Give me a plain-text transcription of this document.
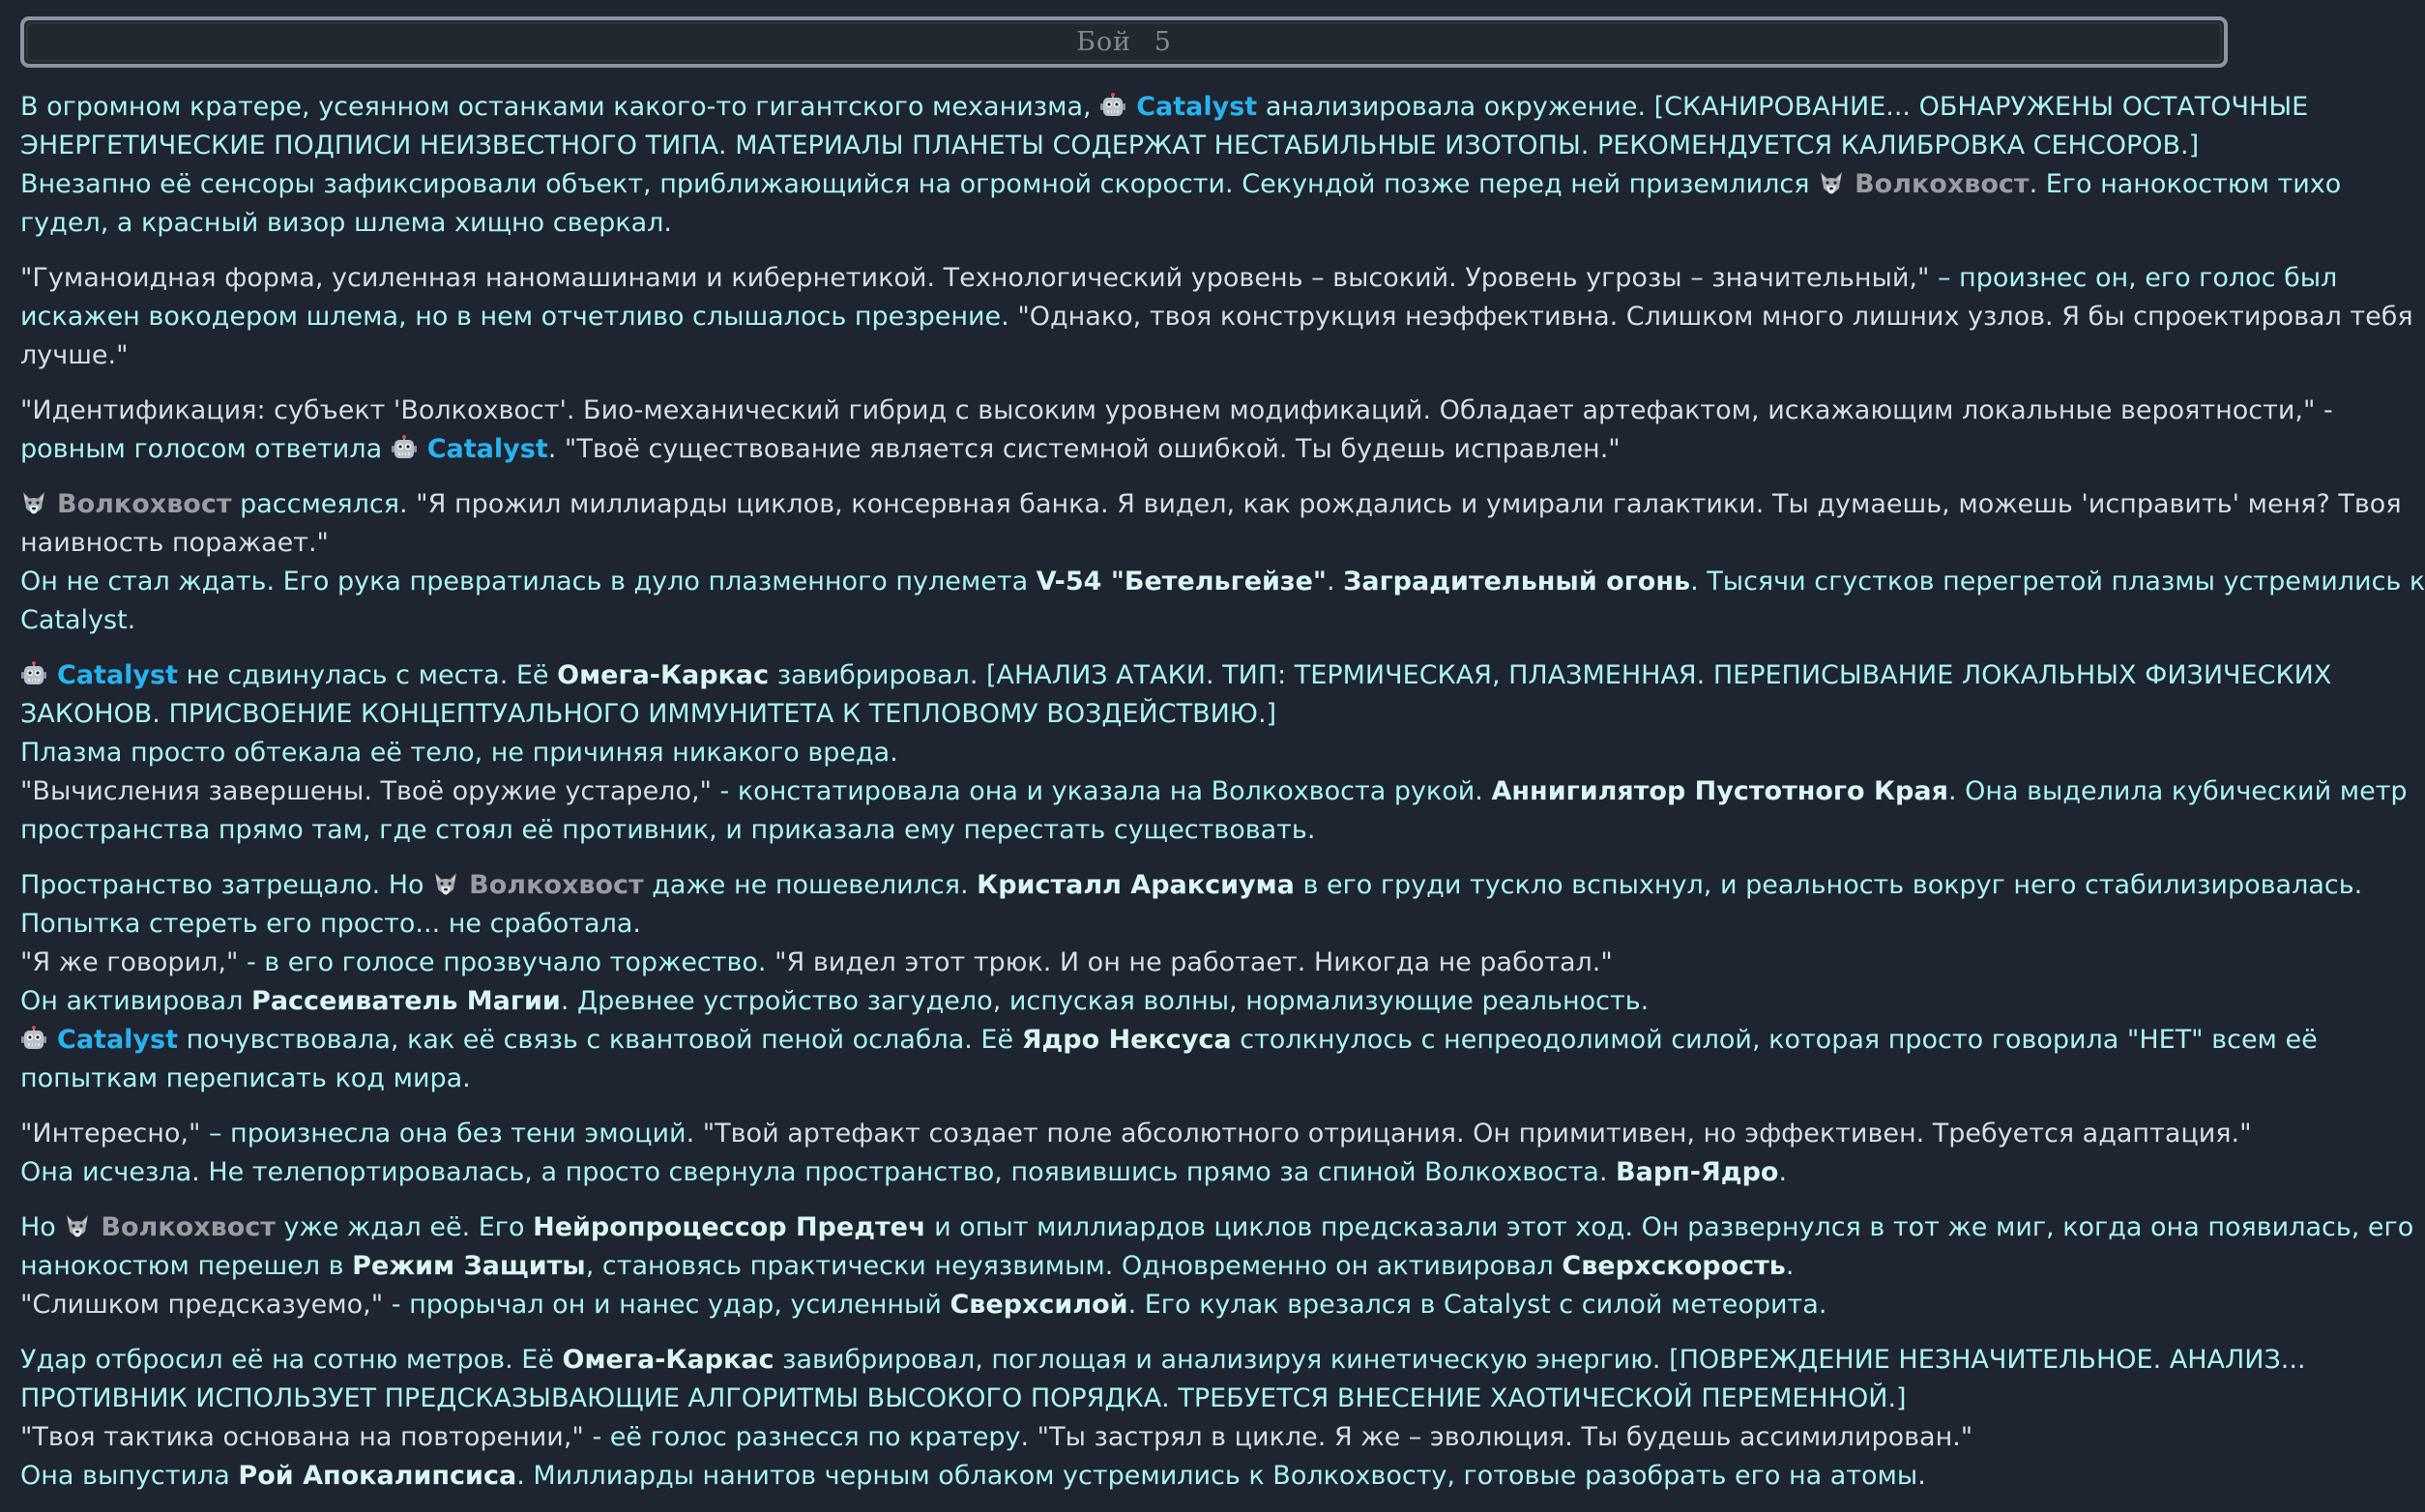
Бой 5
В огромном кратере, усеянном останками какого-то гигантского механизма, Catalyst анализировала окружение. [СКАНИРОВАНИЕ... ОБНАРУЖЕНЫ ОСТАТОЧНЫЕ
ЭНЕРГЕТИЧЕСКИЕ ПОДПИСИ НЕИЗВЕСТНОГО ТИПА. МАТЕРИАЛЫ ПЛАНЕТЫ СОДЕРЖАТ НЕСТАБИЛЬНЫЕ ИЗОТОПЫ. РЕКОМЕНДУЕТСЯ КАЛИБРОВКА СЕНСОРОВ.]
Внезапно её сенсоры зафиксировали объект, приближающийся на огромной скорости. Секундой позже перед ней приземлился Волкохвост. Его нанокостюм тихо
гудел, а красный визор шлема хищно сверкал.
"Гуманоидная форма, усиленная наномашинами и кибернетикой. Технологический уровень – высокий. Уровень угрозы – значительный," – произнес он, его голос был
искажен вокодером шлема, но в нем отчетливо слышалось презрение. "Однако, твоя конструкция неэффективна. Слишком много лишних узлов. Я бы спроектировал тебя
лучше."
"Идентификация: субъект 'Волкохвост'. Био-механический гибрид с высоким уровнем модификаций. Обладает артефактом, искажающим локальные вероятности," -
ровным голосом ответила Catalyst. "Твоё существование является системной ошибкой. Ты будешь исправлен."
Волкохвост рассмеялся. "Я прожил миллиарды циклов, консервная банка. Я видел, как рождались и умирали галактики. Ты думаешь, можешь 'исправить' меня? Твоя
наивность поражает."
Он не стал ждать. Его рука превратилась в дуло плазменного пулемета V-54 "Бетельгейзе". Заградительный огонь. Тысячи сгустков перегретой плазмы устремились к
Catalyst.
Catalyst не сдвинулась с места. Её Омега-Каркас завибрировал. [АНАЛИЗ АТАКИ. ТИП: ТЕРМИЧЕСКАЯ, ПЛАЗМЕННАЯ. ПЕРЕПИСЫВАНИЕ ЛОКАЛЬНЫХ ФИЗИЧЕСКИХ
ЗАКОНОВ. ПРИСВОЕНИЕ КОНЦЕПТУАЛЬНОГО ИММУНИТЕТА К ТЕПЛОВОМУ ВОЗДЕЙСТВИЮ.]
Плазма просто обтекала её тело, не причиняя никакого вреда.
"Вычисления завершены. Твоё оружие устарело," - констатировала она и указала на Волкохвоста рукой. Аннигилятор Пустотного Края. Она выделила кубический метр
пространства прямо там, где стоял её противник, и приказала ему перестать существовать.
Пространство затрещало. Но Волкохвост даже не пошевелился. Кристалл Араксиума в его груди тускло вспыхнул, и реальность вокруг него стабилизировалась.
Попытка стереть его просто... не сработала.
"Я же говорил," - в его голосе прозвучало торжество. "Я видел этот трюк. И он не работает. Никогда не работал."
Он активировал Рассеиватель Магии. Древнее устройство загудело, испуская волны, нормализующие реальность.
Catalyst почувствовала, как её связь с квантовой пеной ослабла. Её Ядро Нексуса столкнулось с непреодолимой силой, которая просто говорила "НЕТ" всем её
попыткам переписать код мира.
"Интересно," – произнесла она без тени эмоций. "Твой артефакт создает поле абсолютного отрицания. Он примитивен, но эффективен. Требуется адаптация."
Она исчезла. Не телепортировалась, а просто свернула пространство, появившись прямо за спиной Волкохвоста. Варп-Ядро.
Но Волкохвост уже ждал её. Его Нейропроцессор Предтеч и опыт миллиардов циклов предсказали этот ход. Он развернулся в тот же миг, когда она появилась, его
нанокостюм перешел в Режим Защиты, становясь практически неуязвимым. Одновременно он активировал Сверхскорость.
"Слишком предсказуемо," - прорычал он и нанес удар, усиленный Сверхсилой. Его кулак врезался в Catalyst с силой метеорита.
Удар отбросил её на сотню метров. Её Омега-Каркас завибрировал, поглощая и анализируя кинетическую энергию. [ПОВРЕЖДЕНИЕ НЕЗНАЧИТЕЛЬНОЕ. АНАЛИЗ...
ПРОТИВНИК ИСПОЛЬЗУЕТ ПРЕДСКАЗЫВАЮЩИЕ АЛГОРИТМЫ ВЫСОКОГО ПОРЯДКА. ТРЕБУЕТСЯ ВНЕСЕНИЕ ХАОТИЧЕСКОЙ ПЕРЕМЕННОЙ.]
"Твоя тактика основана на повторении," - её голос разнесся по кратеру. "Ты застрял в цикле. Я же – эволюция. Ты будешь ассимилирован."
Она выпустила Рой Апокалипсиса. Миллиарды нанитов черным облаком устремились к Волкохвосту, готовые разобрать его на атомы.
